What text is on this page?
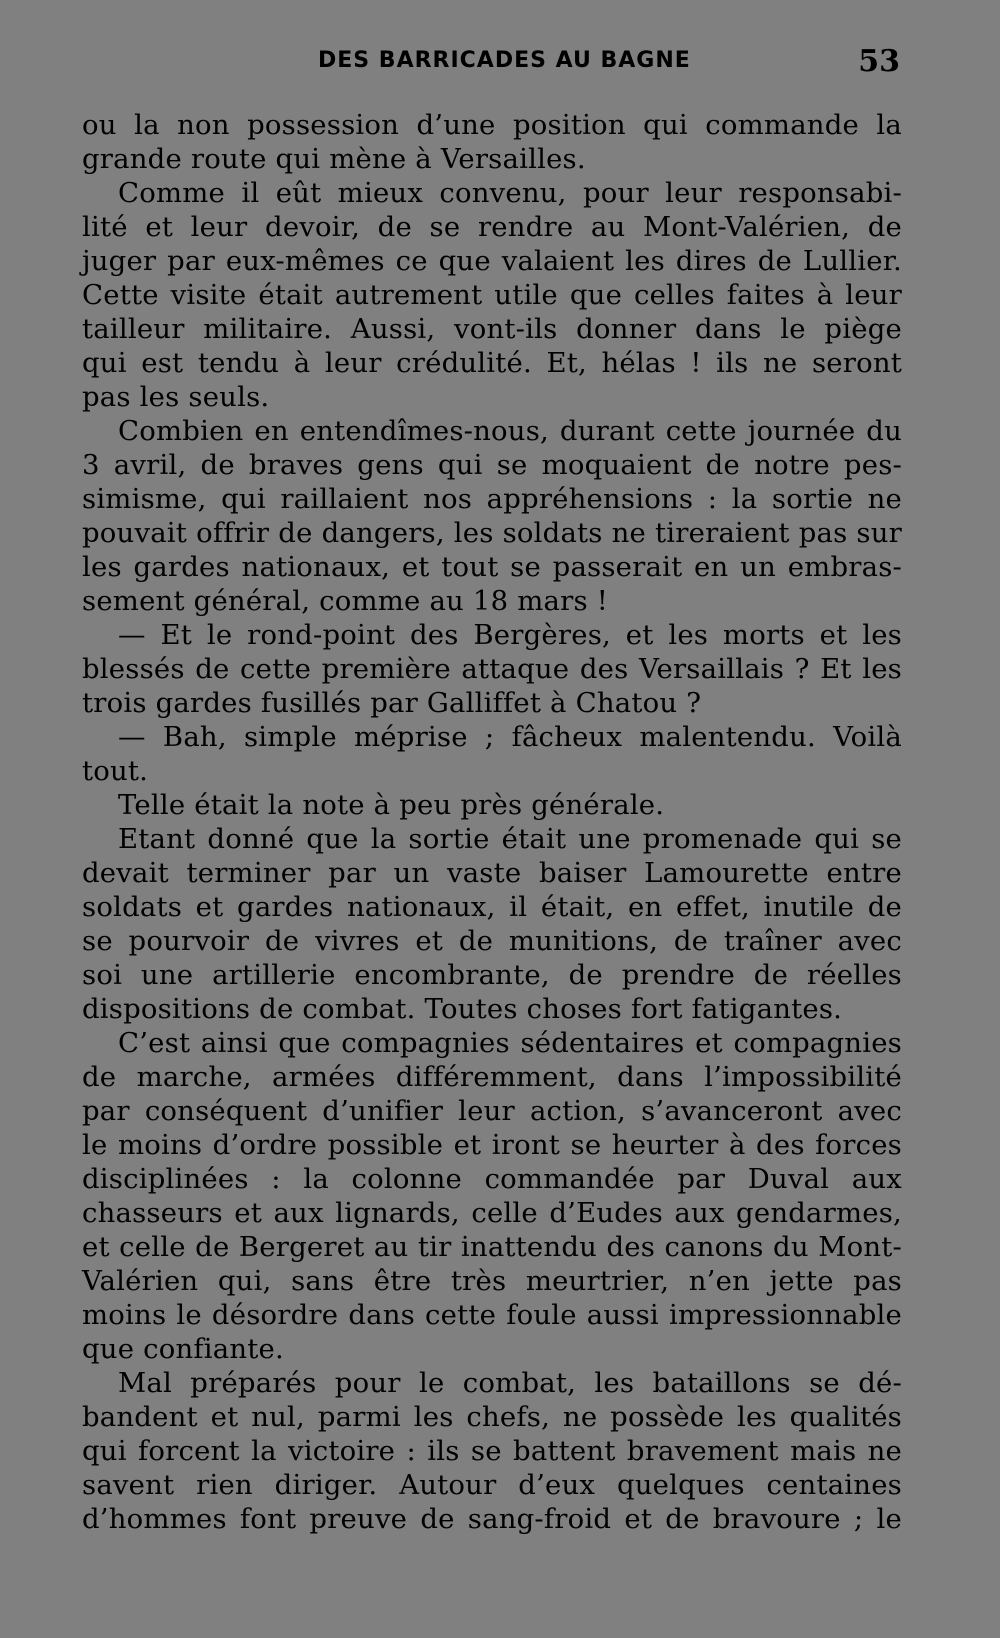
DES BARRICADES AU BAGNE	53
ou la non possession d’une position qui commande la
grande route qui mène à Versailles.
Comme il eût mieux convenu, pour leur responsabi-
lité et leur devoir, de se rendre au Mont-Valérien, de
juger par eux-mêmes ce que valaient les dires de Lullier.
Cette visite était autrement utile que celles faites à leur
tailleur militaire. Aussi, vont-ils donner dans le piège
qui est tendu à leur crédulité. Et, hélas ! ils ne seront
pas les seuls.
Combien en entendîmes-nous, durant cette journée du
3 avril, de braves gens qui se moquaient de notre pes-
simisme, qui raillaient nos appréhensions : la sortie ne
pouvait offrir de dangers, les soldats ne tireraient pas sur
les gardes nationaux, et tout se passerait en un embras-
sement général, comme au 18 mars !
— Et le rond-point des Bergères, et les morts et les
blessés de cette première attaque des Versaillais ? Et les
trois gardes fusillés par Galliffet à Chatou ?
— Bah, simple méprise ; fâcheux malentendu. Voilà
tout.
Telle était la note à peu près générale.
Etant donné que la sortie était une promenade qui se
devait terminer par un vaste baiser Lamourette entre
soldats et gardes nationaux, il était, en effet, inutile de
se pourvoir de vivres et de munitions, de traîner avec
soi une artillerie encombrante, de prendre de réelles
dispositions de combat. Toutes choses fort fatigantes.
C’est ainsi que compagnies sédentaires et compagnies
de marche, armées différemment, dans l’impossibilité
par conséquent d’unifier leur action, s’avanceront avec
le moins d’ordre possible et iront se heurter à des forces
disciplinées : la colonne commandée par Duval aux
chasseurs et aux lignards, celle d’Eudes aux gendarmes,
et celle de Bergeret au tir inattendu des canons du Mont-
Valérien qui, sans être très meurtrier, n’en jette pas
moins le désordre dans cette foule aussi impressionnable
que confiante.
Mal préparés pour le combat, les bataillons se dé-
bandent et nul, parmi les chefs, ne possède les qualités
qui forcent la victoire : ils se battent bravement mais ne
savent rien diriger. Autour d’eux quelques centaines
d’hommes font preuve de sang-froid et de bravoure ; le
